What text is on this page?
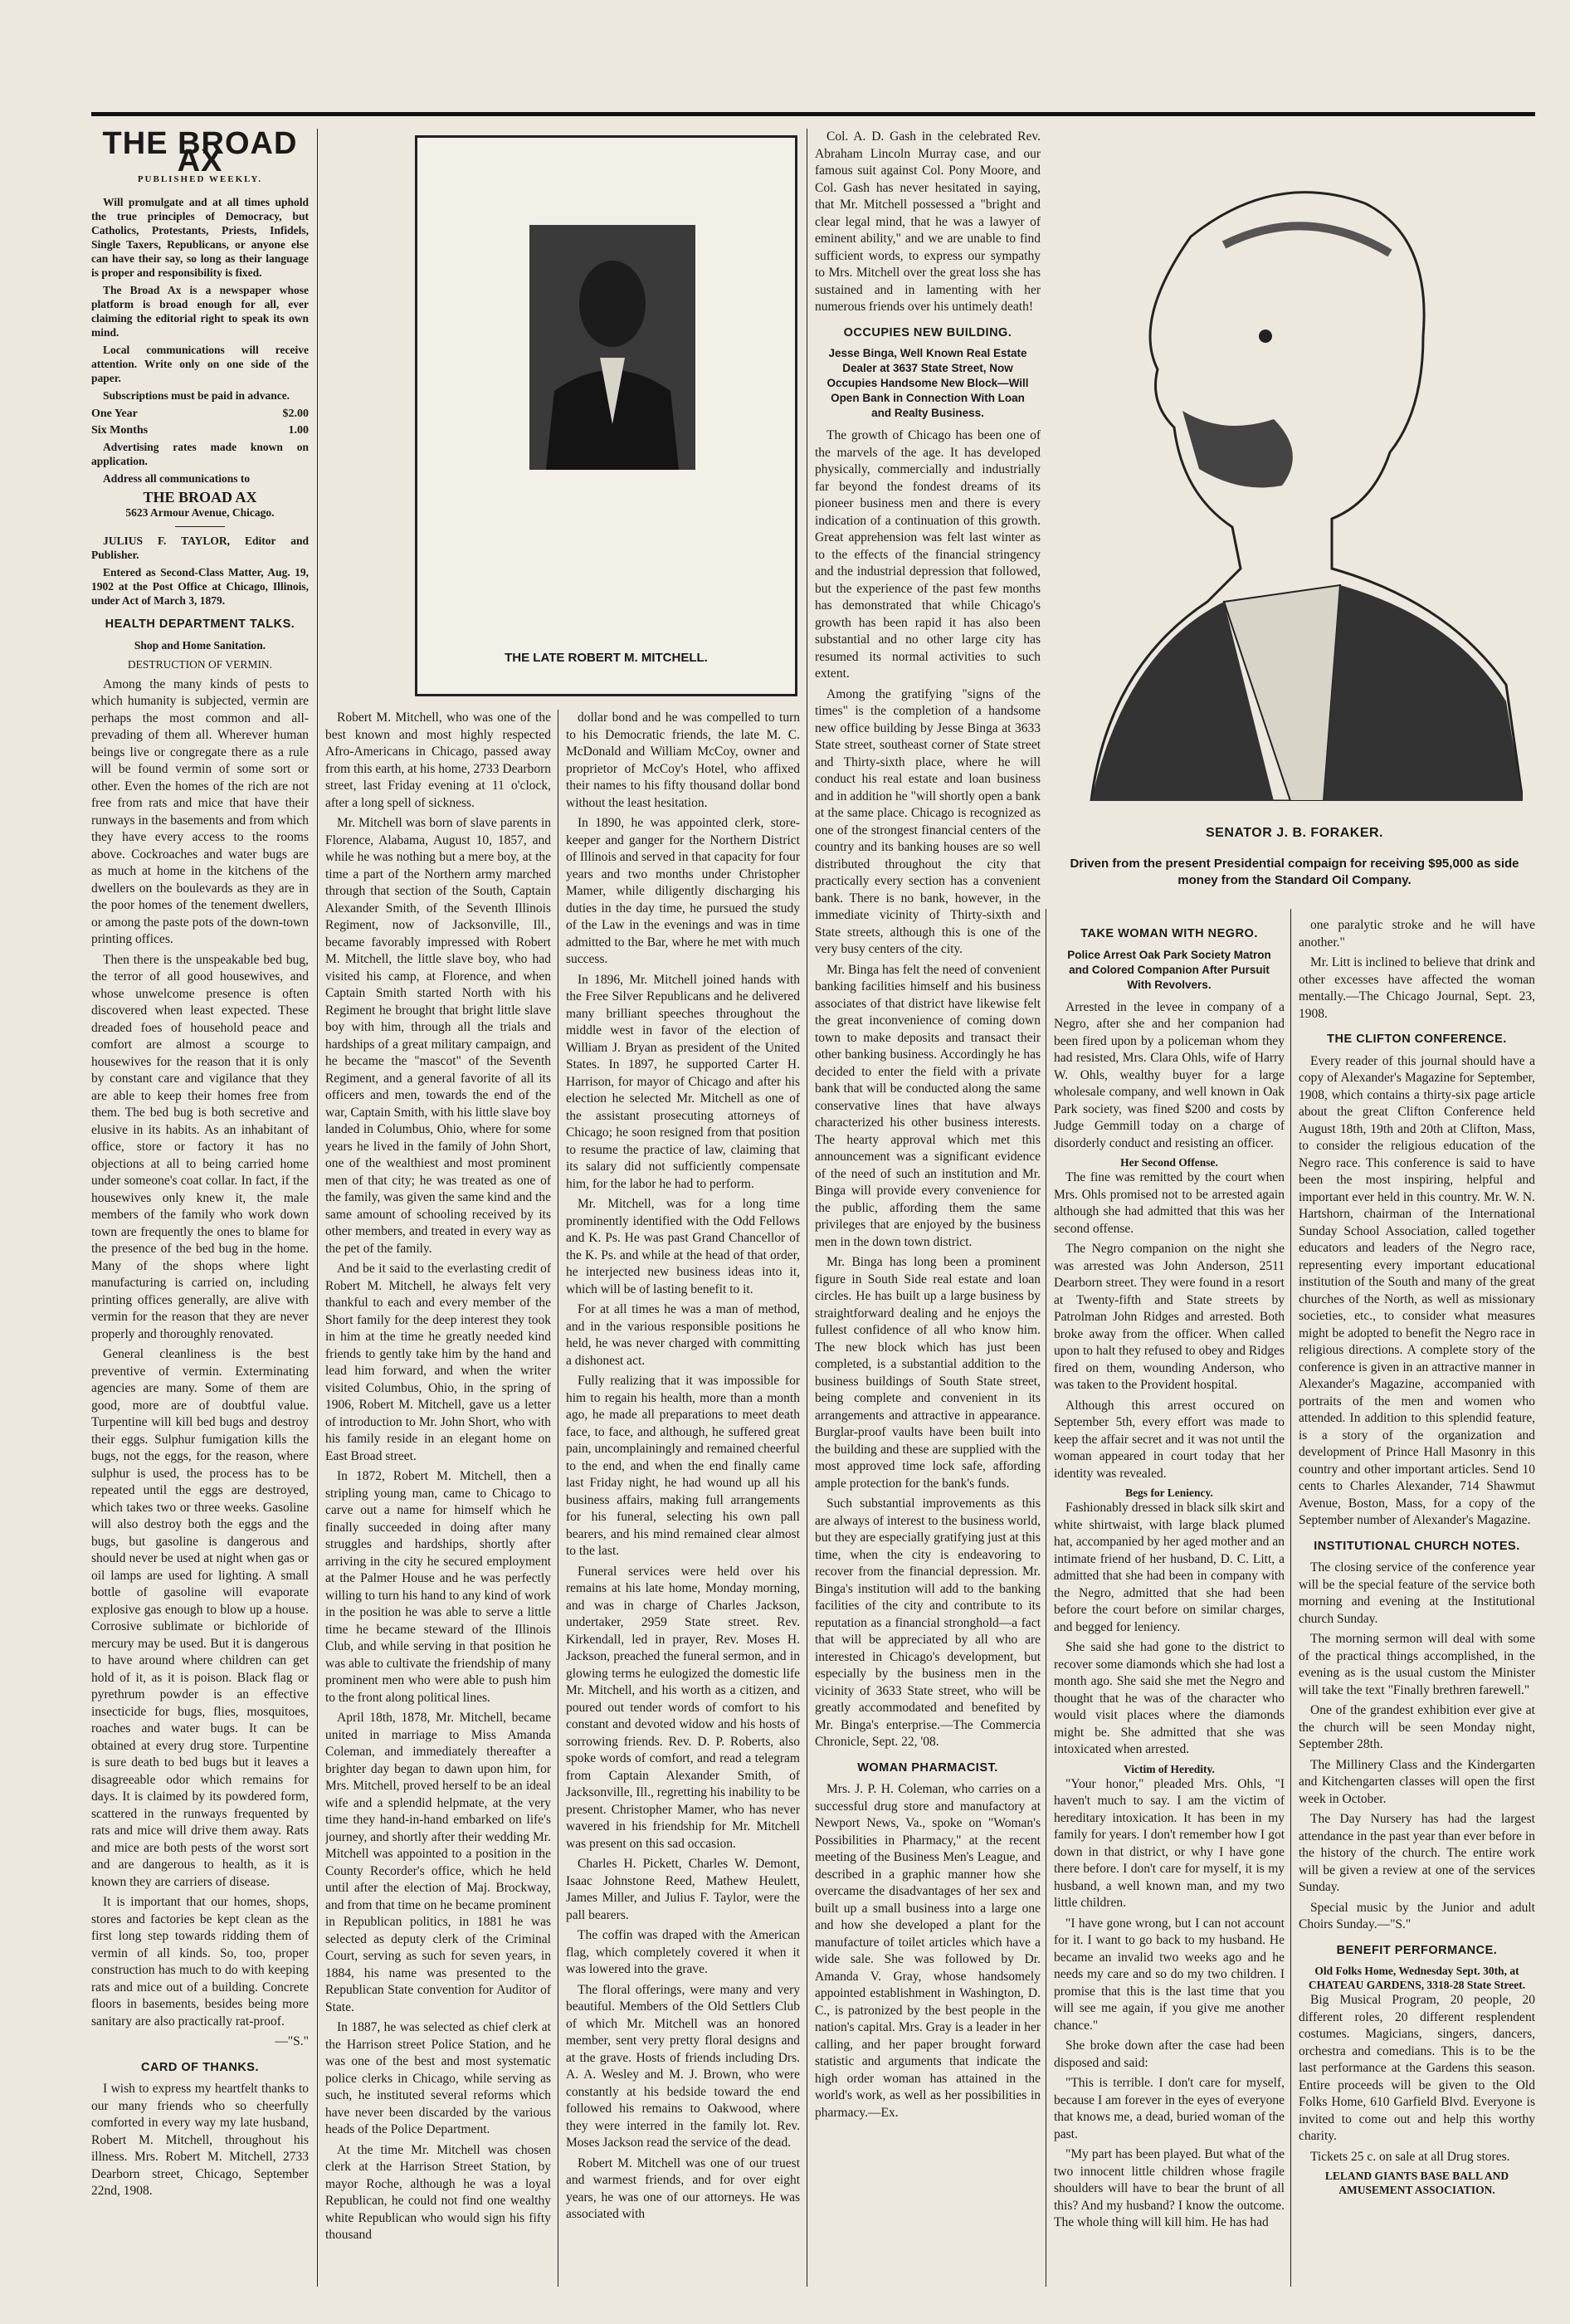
THE BROAD AX
PUBLISHED WEEKLY.

Will promulgate and at all times uphold the true principles of Democracy, but Catholics, Protestants, Priests, Infidels, Single Taxers, Republicans, or anyone else can have their say, so long as their language is proper and responsibility is fixed.

The Broad Ax is a newspaper whose platform is broad enough for all, ever claiming the editorial right to speak its own mind.

Local communications will receive attention. Write only on one side of the paper.

Subscriptions must be paid in advance.

One Year	$2.00
Six Months	1.00

Advertising rates made known on application.

Address all communications to

THE BROAD AX
5623 Armour Avenue, Chicago.

JULIUS F. TAYLOR, Editor and Publisher.

Entered as Second-Class Matter, Aug. 19, 1902 at the Post Office at Chicago, Illinois, under Act of March 3, 1879.

HEALTH DEPARTMENT TALKS.
Shop and Home Sanitation.
DESTRUCTION OF VERMIN.

Among the many kinds of pests to which humanity is subjected, vermin are perhaps the most common and all-prevading of them all. Wherever human beings live or congregate there as a rule will be found vermin of some sort or other. Even the homes of the rich are not free from rats and mice that have their runways in the basements and from which they have every access to the rooms above. Cockroaches and water bugs are as much at home in the kitchens of the dwellers on the boulevards as they are in the poor homes of the tenement dwellers, or among the paste pots of the down-town printing offices.

Then there is the unspeakable bed bug, the terror of all good housewives, and whose unwelcome presence is often discovered when least expected. These dreaded foes of household peace and comfort are almost a scourge to housewives for the reason that it is only by constant care and vigilance that they are able to keep their homes free from them. The bed bug is both secretive and elusive in its habits. As an inhabitant of office, store or factory it has no objections at all to being carried home under someone's coat collar. In fact, if the housewives only knew it, the male members of the family who work down town are frequently the ones to blame for the presence of the bed bug in the home. Many of the shops where light manufacturing is carried on, including printing offices generally, are alive with vermin for the reason that they are never properly and thoroughly renovated.

General cleanliness is the best preventive of vermin. Exterminating agencies are many. Some of them are good, more are of doubtful value. Turpentine will kill bed bugs and destroy their eggs. Sulphur fumigation kills the bugs, not the eggs, for the reason, where sulphur is used, the process has to be repeated until the eggs are destroyed, which takes two or three weeks. Gasoline will also destroy both the eggs and the bugs, but gasoline is dangerous and should never be used at night when gas or oil lamps are used for lighting. A small bottle of gasoline will evaporate explosive gas enough to blow up a house. Corrosive sublimate or bichloride of mercury may be used. But it is dangerous to have around where children can get hold of it, as it is poison. Black flag or pyrethrum powder is an effective insecticide for bugs, flies, mosquitoes, roaches and water bugs. It can be obtained at every drug store. Turpentine is sure death to bed bugs but it leaves a disagreeable odor which remains for days. It is claimed by its powdered form, scattered in the runways frequented by rats and mice will drive them away. Rats and mice are both pests of the worst sort and are dangerous to health, as it is known they are carriers of disease.

It is important that our homes, shops, stores and factories be kept clean as the first long step towards ridding them of vermin of all kinds. So, too, proper construction has much to do with keeping rats and mice out of a building. Concrete floors in basements, besides being more sanitary are also practically rat-proof.

—"S."
CARD OF THANKS.

I wish to express my heartfelt thanks to our many friends who so cheerfully comforted in every way my late husband, Robert M. Mitchell, throughout his illness. Mrs. Robert M. Mitchell, 2733 Dearborn street, Chicago, September 22nd, 1908.

THE LATE ROBERT M. MITCHELL.

Robert M. Mitchell, who was one of the best known and most highly respected Afro-Americans in Chicago, passed away from this earth, at his home, 2733 Dearborn street, last Friday evening at 11 o'clock, after a long spell of sickness.

Mr. Mitchell was born of slave parents in Florence, Alabama, August 10, 1857, and while he was nothing but a mere boy, at the time a part of the Northern army marched through that section of the South, Captain Alexander Smith, of the Seventh Illinois Regiment, now of Jacksonville, Ill., became favorably impressed with Robert M. Mitchell, the little slave boy, who had visited his camp, at Florence, and when Captain Smith started North with his Regiment he brought that bright little slave boy with him, through all the trials and hardships of a great military campaign, and he became the "mascot" of the Seventh Regiment, and a general favorite of all its officers and men, towards the end of the war, Captain Smith, with his little slave boy landed in Columbus, Ohio, where for some years he lived in the family of John Short, one of the wealthiest and most prominent men of that city; he was treated as one of the family, was given the same kind and the same amount of schooling received by its other members, and treated in every way as the pet of the family.

And be it said to the everlasting credit of Robert M. Mitchell, he always felt very thankful to each and every member of the Short family for the deep interest they took in him at the time he greatly needed kind friends to gently take him by the hand and lead him forward, and when the writer visited Columbus, Ohio, in the spring of 1906, Robert M. Mitchell, gave us a letter of introduction to Mr. John Short, who with his family reside in an elegant home on East Broad street.

In 1872, Robert M. Mitchell, then a stripling young man, came to Chicago to carve out a name for himself which he finally succeeded in doing after many struggles and hardships, shortly after arriving in the city he secured employment at the Palmer House and he was perfectly willing to turn his hand to any kind of work in the position he was able to serve a little time he became steward of the Illinois Club, and while serving in that position he was able to cultivate the friendship of many prominent men who were able to push him to the front along political lines.

April 18th, 1878, Mr. Mitchell, became united in marriage to Miss Amanda Coleman, and immediately thereafter a brighter day began to dawn upon him, for Mrs. Mitchell, proved herself to be an ideal wife and a splendid helpmate, at the very time they hand-in-hand embarked on life's journey, and shortly after their wedding Mr. Mitchell was appointed to a position in the County Recorder's office, which he held until after the election of Maj. Brockway, and from that time on he became prominent in Republican politics, in 1881 he was selected as deputy clerk of the Criminal Court, serving as such for seven years, in 1884, his name was presented to the Republican State convention for Auditor of State.

In 1887, he was selected as chief clerk at the Harrison street Police Station, and he was one of the best and most systematic police clerks in Chicago, while serving as such, he instituted several reforms which have never been discarded by the various heads of the Police Department.

At the time Mr. Mitchell was chosen clerk at the Harrison Street Station, by mayor Roche, although he was a loyal Republican, he could not find one wealthy white Republican who would sign his fifty thousand

dollar bond and he was compelled to turn to his Democratic friends, the late M. C. McDonald and William McCoy, owner and proprietor of McCoy's Hotel, who affixed their names to his fifty thousand dollar bond without the least hesitation.

In 1890, he was appointed clerk, store-keeper and ganger for the Northern District of Illinois and served in that capacity for four years and two months under Christopher Mamer, while diligently discharging his duties in the day time, he pursued the study of the Law in the evenings and was in time admitted to the Bar, where he met with much success.

In 1896, Mr. Mitchell joined hands with the Free Silver Republicans and he delivered many brilliant speeches throughout the middle west in favor of the election of William J. Bryan as president of the United States. In 1897, he supported Carter H. Harrison, for mayor of Chicago and after his election he selected Mr. Mitchell as one of the assistant prosecuting attorneys of Chicago; he soon resigned from that position to resume the practice of law, claiming that its salary did not sufficiently compensate him, for the labor he had to perform.

Mr. Mitchell, was for a long time prominently identified with the Odd Fellows and K. Ps. He was past Grand Chancellor of the K. Ps. and while at the head of that order, he interjected new business ideas into it, which will be of lasting benefit to it.

For at all times he was a man of method, and in the various responsible positions he held, he was never charged with committing a dishonest act.

Fully realizing that it was impossible for him to regain his health, more than a month ago, he made all preparations to meet death face, to face, and although, he suffered great pain, uncomplainingly and remained cheerful to the end, and when the end finally came last Friday night, he had wound up all his business affairs, making full arrangements for his funeral, selecting his own pall bearers, and his mind remained clear almost to the last.

Funeral services were held over his remains at his late home, Monday morning, and was in charge of Charles Jackson, undertaker, 2959 State street. Rev. Kirkendall, led in prayer, Rev. Moses H. Jackson, preached the funeral sermon, and in glowing terms he eulogized the domestic life Mr. Mitchell, and his worth as a citizen, and poured out tender words of comfort to his constant and devoted widow and his hosts of sorrowing friends. Rev. D. P. Roberts, also spoke words of comfort, and read a telegram from Captain Alexander Smith, of Jacksonville, Ill., regretting his inability to be present. Christopher Mamer, who has never wavered in his friendship for Mr. Mitchell was present on this sad occasion.

Charles H. Pickett, Charles W. Demont, Isaac Johnstone Reed, Mathew Heulett, James Miller, and Julius F. Taylor, were the pall bearers.

The coffin was draped with the American flag, which completely covered it when it was lowered into the grave.

The floral offerings, were many and very beautiful. Members of the Old Settlers Club of which Mr. Mitchell was an honored member, sent very pretty floral designs and at the grave. Hosts of friends including Drs. A. A. Wesley and M. J. Brown, who were constantly at his bedside toward the end followed his remains to Oakwood, where they were interred in the family lot. Rev. Moses Jackson read the service of the dead.

Robert M. Mitchell was one of our truest and warmest friends, and for over eight years, he was one of our attorneys. He was associated with

Col. A. D. Gash in the celebrated Rev. Abraham Lincoln Murray case, and our famous suit against Col. Pony Moore, and Col. Gash has never hesitated in saying, that Mr. Mitchell possessed a "bright and clear legal mind, that he was a lawyer of eminent ability," and we are unable to find sufficient words, to express our sympathy to Mrs. Mitchell over the great loss she has sustained and in lamenting with her numerous friends over his untimely death!

OCCUPIES NEW BUILDING.
Jesse Binga, Well Known Real Estate Dealer at 3637 State Street, Now Occupies Handsome New Block—Will Open Bank in Connection With Loan and Realty Business.

The growth of Chicago has been one of the marvels of the age. It has developed physically, commercially and industrially far beyond the fondest dreams of its pioneer business men and there is every indication of a continuation of this growth. Great apprehension was felt last winter as to the effects of the financial stringency and the industrial depression that followed, but the experience of the past few months has demonstrated that while Chicago's growth has been rapid it has also been substantial and no other large city has resumed its normal activities to such extent.

Among the gratifying "signs of the times" is the completion of a handsome new office building by Jesse Binga at 3633 State street, southeast corner of State street and Thirty-sixth place, where he will conduct his real estate and loan business and in addition he "will shortly open a bank at the same place. Chicago is recognized as one of the strongest financial centers of the country and its banking houses are so well distributed throughout the city that practically every section has a convenient bank. There is no bank, however, in the immediate vicinity of Thirty-sixth and State streets, although this is one of the very busy centers of the city.

Mr. Binga has felt the need of convenient banking facilities himself and his business associates of that district have likewise felt the great inconvenience of coming down town to make deposits and transact their other banking business. Accordingly he has decided to enter the field with a private bank that will be conducted along the same conservative lines that have always characterized his other business interests. The hearty approval which met this announcement was a significant evidence of the need of such an institution and Mr. Binga will provide every convenience for the public, affording them the same privileges that are enjoyed by the business men in the down town district.

Mr. Binga has long been a prominent figure in South Side real estate and loan circles. He has built up a large business by straightforward dealing and he enjoys the fullest confidence of all who know him. The new block which has just been completed, is a substantial addition to the business buildings of South State street, being complete and convenient in its arrangements and attractive in appearance. Burglar-proof vaults have been built into the building and these are supplied with the most approved time lock safe, affording ample protection for the bank's funds.

Such substantial improvements as this are always of interest to the business world, but they are especially gratifying just at this time, when the city is endeavoring to recover from the financial depression. Mr. Binga's institution will add to the banking facilities of the city and contribute to its reputation as a financial stronghold—a fact that will be appreciated by all who are interested in Chicago's development, but especially by the business men in the vicinity of 3633 State street, who will be greatly accommodated and benefited by Mr. Binga's enterprise.—The Commercia Chronicle, Sept. 22, '08.

WOMAN PHARMACIST.

Mrs. J. P. H. Coleman, who carries on a successful drug store and manufactory at Newport News, Va., spoke on "Woman's Possibilities in Pharmacy," at the recent meeting of the Business Men's League, and described in a graphic manner how she overcame the disadvantages of her sex and built up a small business into a large one and how she developed a plant for the manufacture of toilet articles which have a wide sale. She was followed by Dr. Amanda V. Gray, whose handsomely appointed establishment in Washington, D. C., is patronized by the best people in the nation's capital. Mrs. Gray is a leader in her calling, and her paper brought forward statistic and arguments that indicate the high order woman has attained in the world's work, as well as her possibilities in pharmacy.—Ex.

SENATOR J. B. FORAKER.
Driven from the present Presidential compaign for receiving $95,000 as side money from the Standard Oil Company.
TAKE WOMAN WITH NEGRO.
Police Arrest Oak Park Society Matron and Colored Companion After Pursuit With Revolvers.

Arrested in the levee in company of a Negro, after she and her companion had been fired upon by a policeman whom they had resisted, Mrs. Clara Ohls, wife of Harry W. Ohls, wealthy buyer for a large wholesale company, and well known in Oak Park society, was fined $200 and costs by Judge Gemmill today on a charge of disorderly conduct and resisting an officer.

Her Second Offense.

The fine was remitted by the court when Mrs. Ohls promised not to be arrested again although she had admitted that this was her second offense.

The Negro companion on the night she was arrested was John Anderson, 2511 Dearborn street. They were found in a resort at Twenty-fifth and State streets by Patrolman John Ridges and arrested. Both broke away from the officer. When called upon to halt they refused to obey and Ridges fired on them, wounding Anderson, who was taken to the Provident hospital.

Although this arrest occured on September 5th, every effort was made to keep the affair secret and it was not until the woman appeared in court today that her identity was revealed.

Begs for Leniency.

Fashionably dressed in black silk skirt and white shirtwaist, with large black plumed hat, accompanied by her aged mother and an intimate friend of her husband, D. C. Litt, a admitted that she had been in company with the Negro, admitted that she had been before the court before on similar charges, and begged for leniency.

She said she had gone to the district to recover some diamonds which she had lost a month ago. She said she met the Negro and thought that he was of the character who would visit places where the diamonds might be. She admitted that she was intoxicated when arrested.

Victim of Heredity.

"Your honor," pleaded Mrs. Ohls, "I haven't much to say. I am the victim of hereditary intoxication. It has been in my family for years. I don't remember how I got down in that district, or why I have gone there before. I don't care for myself, it is my husband, a well known man, and my two little children.

"I have gone wrong, but I can not account for it. I want to go back to my husband. He became an invalid two weeks ago and he needs my care and so do my two children. I promise that this is the last time that you will see me again, if you give me another chance."

She broke down after the case had been disposed and said:

"This is terrible. I don't care for myself, because I am forever in the eyes of everyone that knows me, a dead, buried woman of the past.

"My part has been played. But what of the two innocent little children whose fragile shoulders will have to bear the brunt of all this? And my husband? I know the outcome. The whole thing will kill him. He has had

one paralytic stroke and he will have another."

Mr. Litt is inclined to believe that drink and other excesses have affected the woman mentally.—The Chicago Journal, Sept. 23, 1908.

THE CLIFTON CONFERENCE.

Every reader of this journal should have a copy of Alexander's Magazine for September, 1908, which contains a thirty-six page article about the great Clifton Conference held August 18th, 19th and 20th at Clifton, Mass, to consider the religious education of the Negro race. This conference is said to have been the most inspiring, helpful and important ever held in this country. Mr. W. N. Hartshorn, chairman of the International Sunday School Association, called together educators and leaders of the Negro race, representing every important educational institution of the South and many of the great churches of the North, as well as missionary societies, etc., to consider what measures might be adopted to benefit the Negro race in religious directions. A complete story of the conference is given in an attractive manner in Alexander's Magazine, accompanied with portraits of the men and women who attended. In addition to this splendid feature, is a story of the organization and development of Prince Hall Masonry in this country and other important articles. Send 10 cents to Charles Alexander, 714 Shawmut Avenue, Boston, Mass, for a copy of the September number of Alexander's Magazine.

INSTITUTIONAL CHURCH NOTES.

The closing service of the conference year will be the special feature of the service both morning and evening at the Institutional church Sunday.

The morning sermon will deal with some of the practical things accomplished, in the evening as is the usual custom the Minister will take the text "Finally brethren farewell."

One of the grandest exhibition ever give at the church will be seen Monday night, September 28th.

The Millinery Class and the Kindergarten and Kitchengarten classes will open the first week in October.

The Day Nursery has had the largest attendance in the past year than ever before in the history of the church. The entire work will be given a review at one of the services Sunday.

Special music by the Junior and adult Choirs Sunday.—"S."

BENEFIT PERFORMANCE.
Old Folks Home, Wednesday Sept. 30th, at CHATEAU GARDENS, 3318-28 State Street.

Big Musical Program, 20 people, 20 different roles, 20 different resplendent costumes. Magicians, singers, dancers, orchestra and comedians. This is to be the last performance at the Gardens this season. Entire proceeds will be given to the Old Folks Home, 610 Garfield Blvd. Everyone is invited to come out and help this worthy charity.

Tickets 25 c. on sale at all Drug stores.

LELAND GIANTS BASE BALL AND AMUSEMENT ASSOCIATION.
